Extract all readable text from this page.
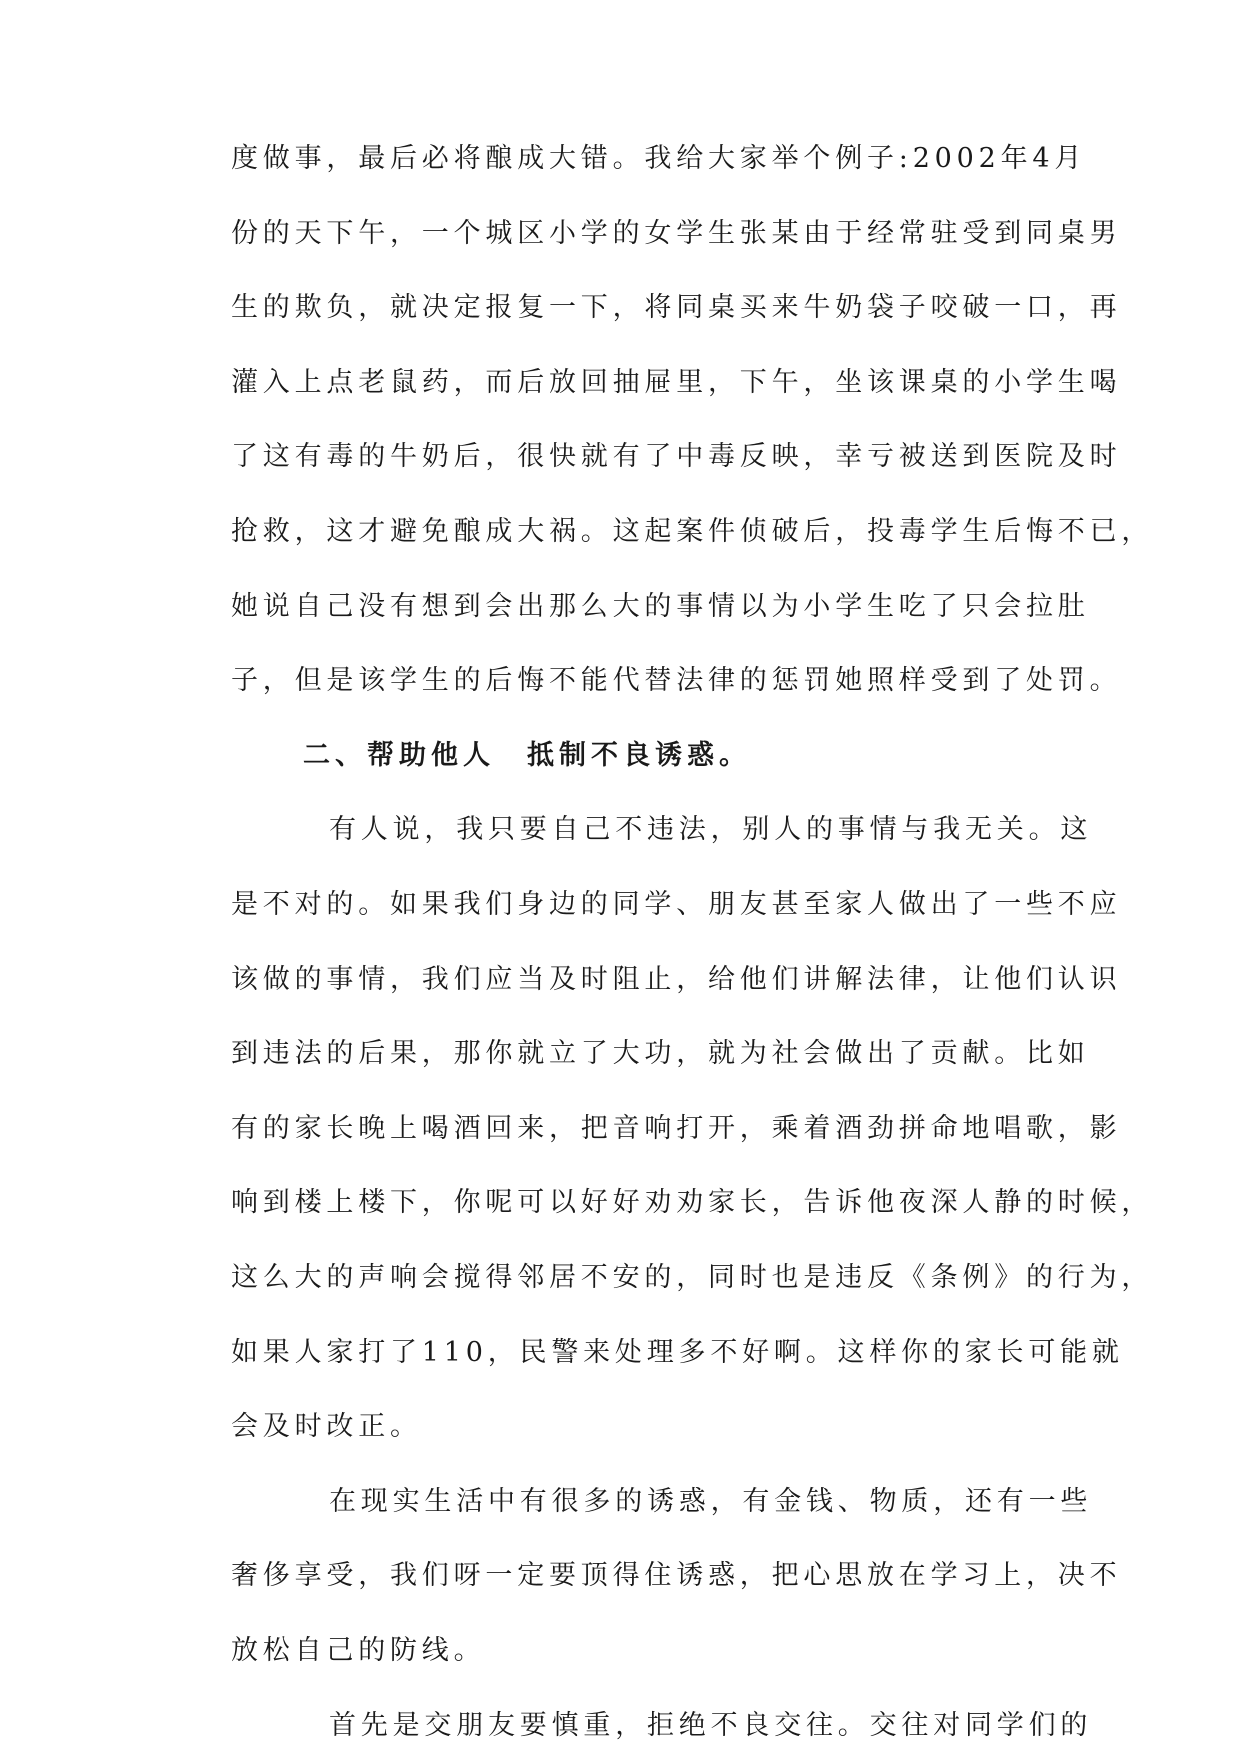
度做事，最后必将酿成大错。我给大家举个例子:2002年4月
份的天下午，一个城区小学的女学生张某由于经常驻受到同桌男
生的欺负，就决定报复一下，将同桌买来牛奶袋子咬破一口，再
灌入上点老鼠药，而后放回抽屉里，下午，坐该课桌的小学生喝
了这有毒的牛奶后，很快就有了中毒反映，幸亏被送到医院及时
抢救，这才避免酿成大祸。这起案件侦破后，投毒学生后悔不已，
她说自己没有想到会出那么大的事情以为小学生吃了只会拉肚
子，但是该学生的后悔不能代替法律的惩罚她照样受到了处罚。
二、帮助他人　抵制不良诱惑。
有人说，我只要自己不违法，别人的事情与我无关。这
是不对的。如果我们身边的同学、朋友甚至家人做出了一些不应
该做的事情，我们应当及时阻止，给他们讲解法律，让他们认识
到违法的后果，那你就立了大功，就为社会做出了贡献。比如
有的家长晚上喝酒回来，把音响打开，乘着酒劲拼命地唱歌，影
响到楼上楼下，你呢可以好好劝劝家长，告诉他夜深人静的时候，
这么大的声响会搅得邻居不安的，同时也是违反《条例》的行为，
如果人家打了110，民警来处理多不好啊。这样你的家长可能就
会及时改正。
在现实生活中有很多的诱惑，有金钱、物质，还有一些
奢侈享受，我们呀一定要顶得住诱惑，把心思放在学习上，决不
放松自己的防线。
首先是交朋友要慎重，拒绝不良交往。交往对同学们的
